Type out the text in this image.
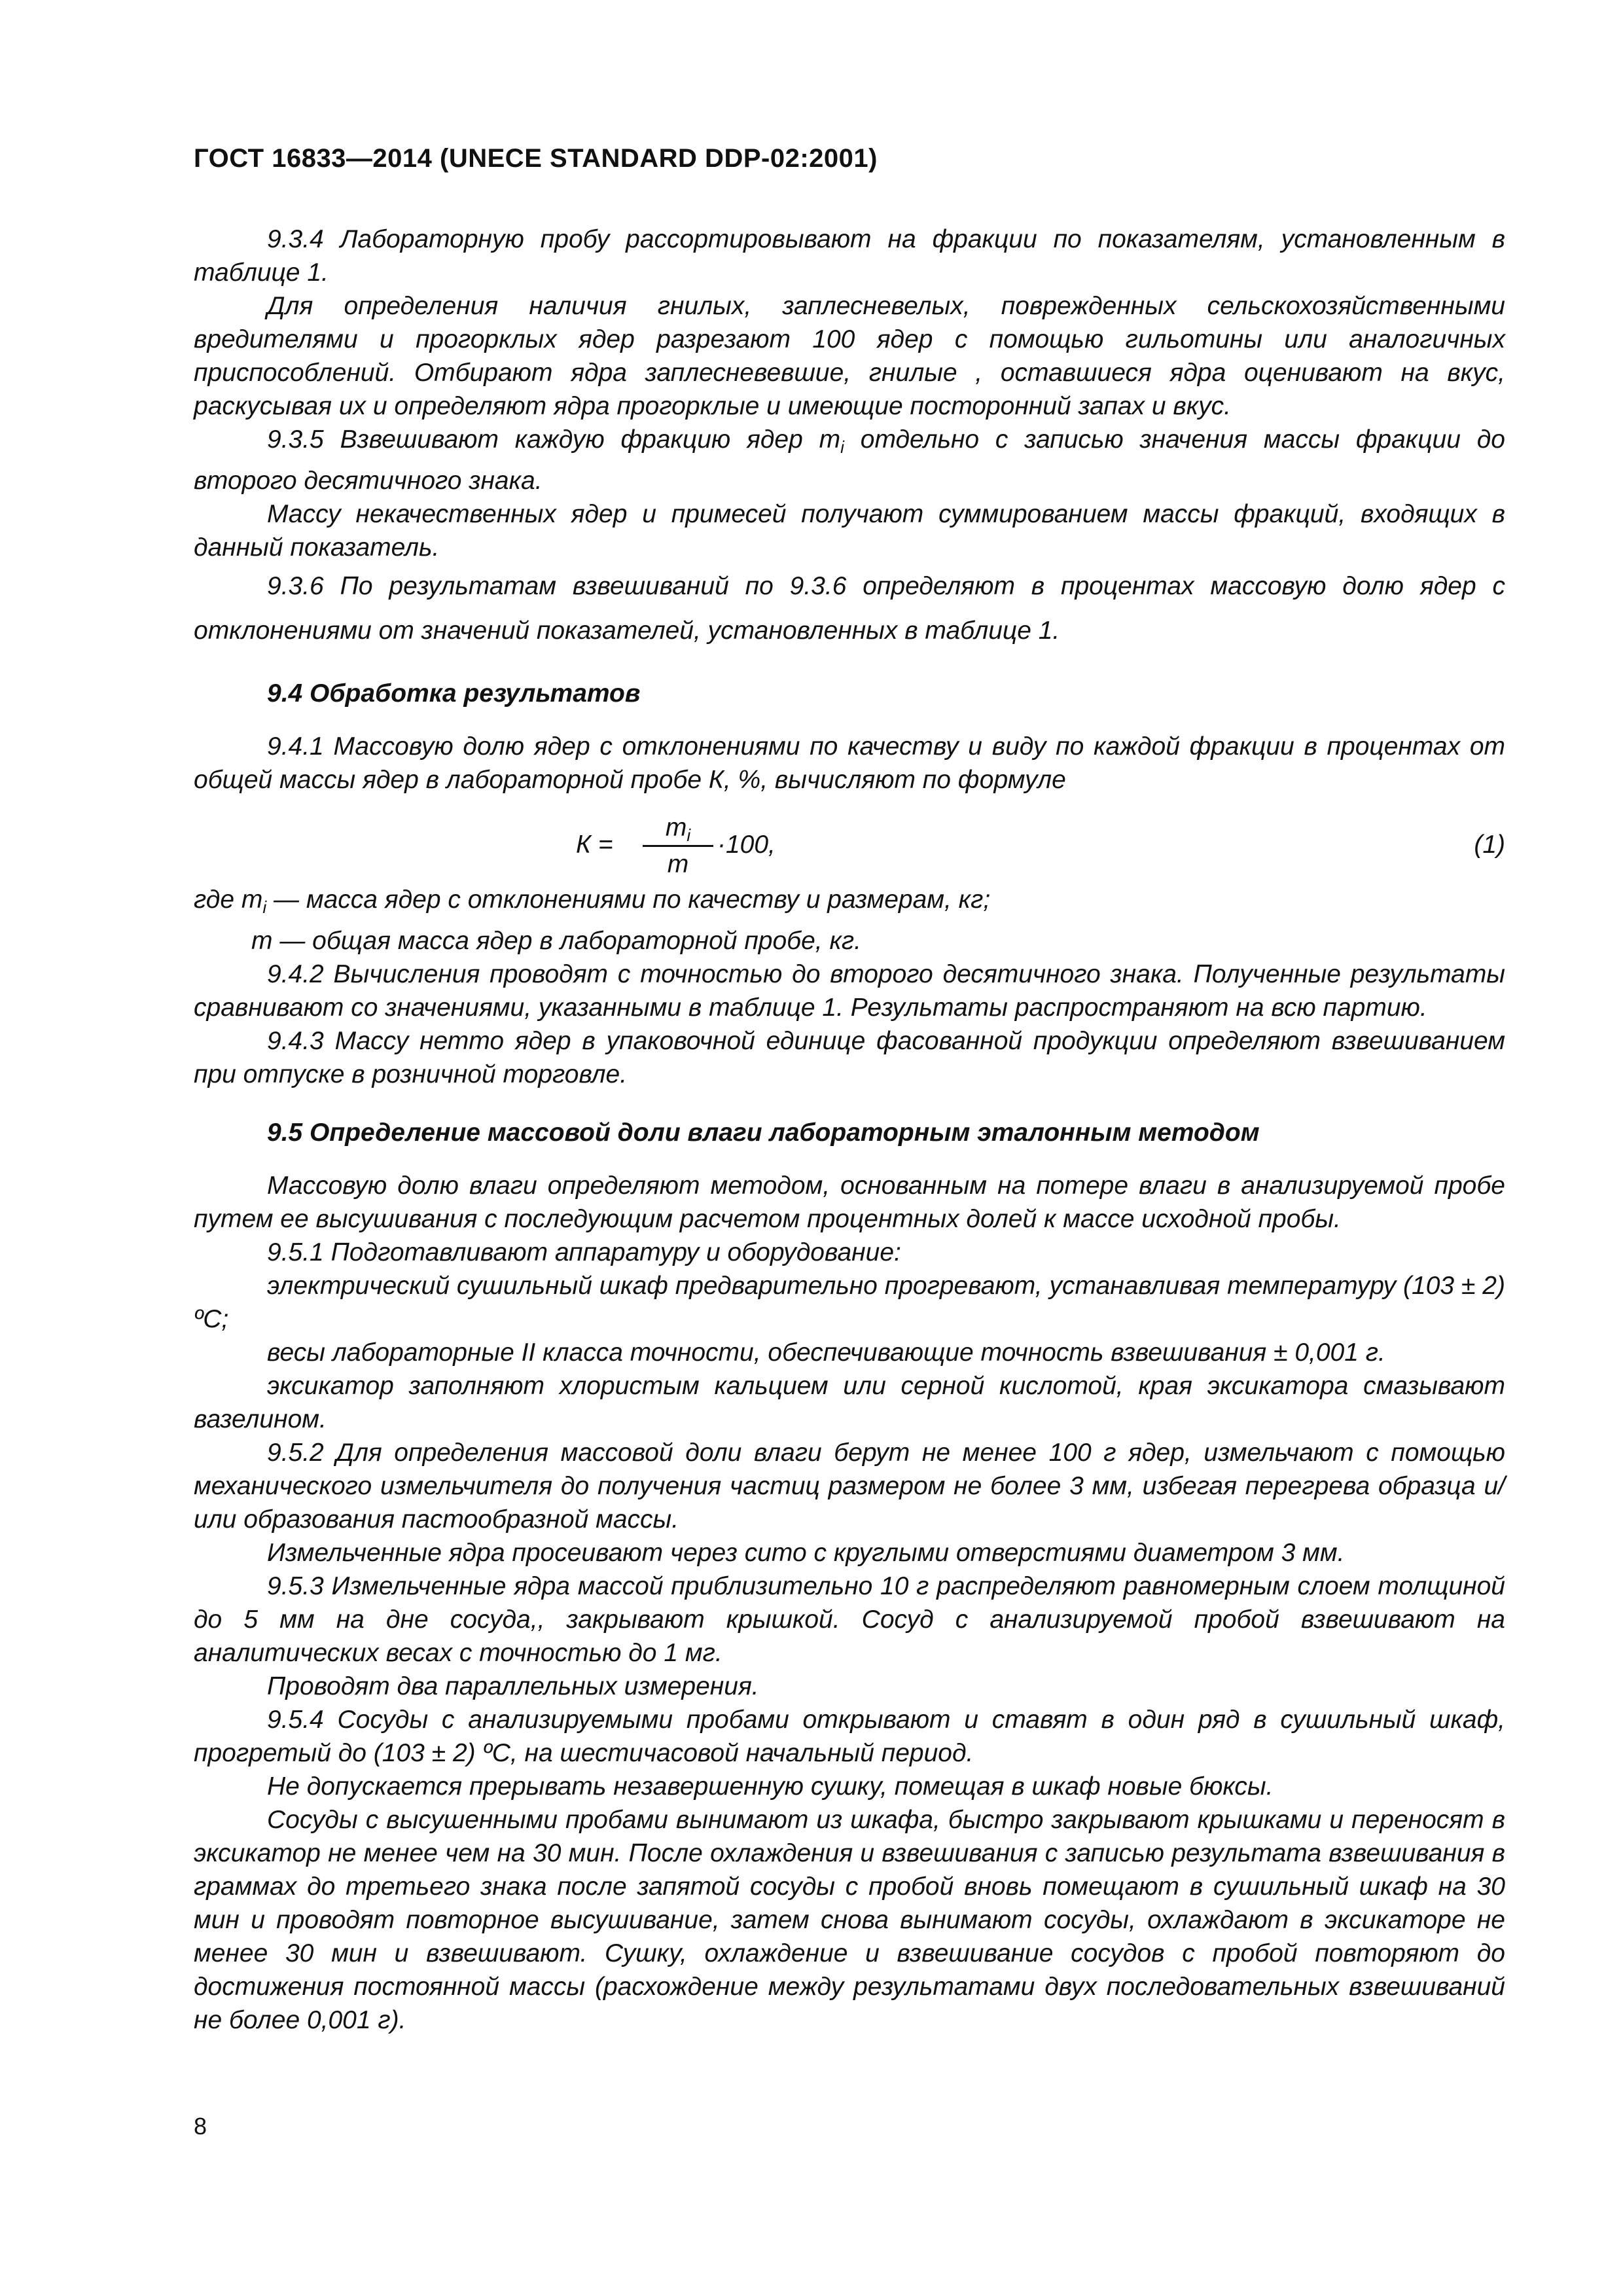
ГОСТ 16833—2014 (UNECE STANDARD DDP-02:2001)

9.3.4 Лабораторную пробу рассортировывают на фракции по показателям, установленным в таблице 1.

Для определения наличия гнилых, заплесневелых, поврежденных сельскохозяйственными вредителями и прогорклых ядер разрезают 100 ядер с помощью гильотины или аналогичных приспособлений. Отбирают ядра заплесневевшие, гнилые , оставшиеся ядра оценивают на вкус, раскусывая их и определяют ядра прогорклые и имеющие посторонний запах и вкус.

9.3.5 Взвешивают каждую фракцию ядер $m_i$ отдельно с записью значения массы фракции до второго десятичного знака.

Массу некачественных ядер и примесей получают суммированием массы фракций, входящих в данный показатель.

9.3.6 По результатам взвешиваний по 9.3.6 определяют в процентах массовую долю ядер с отклонениями от значений показателей, установленных в таблице 1.

9.4 Обработка результатов

9.4.1 Массовую долю ядер с отклонениями по качеству и виду по каждой фракции в процентах от общей массы ядер в лабораторной пробе К, %, вычисляют по формуле

К =
$m_i$
m
·100,	(1)

где $m_i$ — масса ядер с отклонениями по качеству и размерам, кг;

m — общая масса ядер в лабораторной пробе, кг.

9.4.2 Вычисления проводят с точностью до второго десятичного знака. Полученные результаты сравнивают со значениями, указанными в таблице 1. Результаты распространяют на всю партию.

9.4.3 Массу нетто ядер в упаковочной единице фасованной продукции определяют взвешиванием при отпуске в розничной торговле.

9.5 Определение массовой доли влаги лабораторным эталонным методом

Массовую долю влаги определяют методом, основанным на потере влаги в анализируемой пробе путем ее высушивания с последующим расчетом процентных долей к массе исходной пробы.

9.5.1 Подготавливают аппаратуру и оборудование:

электрический сушильный шкаф предварительно прогревают, устанавливая температуру (103 ± 2) ºС;

весы лабораторные II класса точности, обеспечивающие точность взвешивания ± 0,001 г.

эксикатор заполняют хлористым кальцием или серной кислотой, края эксикатора смазывают вазелином.

9.5.2 Для определения массовой доли влаги берут не менее 100 г ядер, измельчают с помощью механического измельчителя до получения частиц размером не более 3 мм, избегая перегрева образца и/или образования пастообразной массы.

Измельченные ядра просеивают через сито с круглыми отверстиями диаметром 3 мм.

9.5.3 Измельченные ядра массой приблизительно 10 г распределяют равномерным слоем толщиной до 5 мм на дне сосуда,, закрывают крышкой. Сосуд с анализируемой пробой взвешивают на аналитических весах с точностью до 1 мг.

Проводят два параллельных измерения.

9.5.4 Сосуды с анализируемыми пробами открывают и ставят в один ряд в сушильный шкаф, прогретый до (103 ± 2) ºС, на шестичасовой начальный период.

Не допускается прерывать незавершенную сушку, помещая в шкаф новые бюксы.

Сосуды с высушенными пробами вынимают из шкафа, быстро закрывают крышками и переносят в эксикатор не менее чем на 30 мин. После охлаждения и взвешивания с записью результата взвешивания в граммах до третьего знака после запятой сосуды с пробой вновь помещают в сушильный шкаф на 30 мин и проводят повторное высушивание, затем снова вынимают сосуды, охлаждают в эксикаторе не менее 30 мин и взвешивают. Сушку, охлаждение и взвешивание сосудов с пробой повторяют до достижения постоянной массы (расхождение между результатами двух последовательных взвешиваний не более 0,001 г).

8
